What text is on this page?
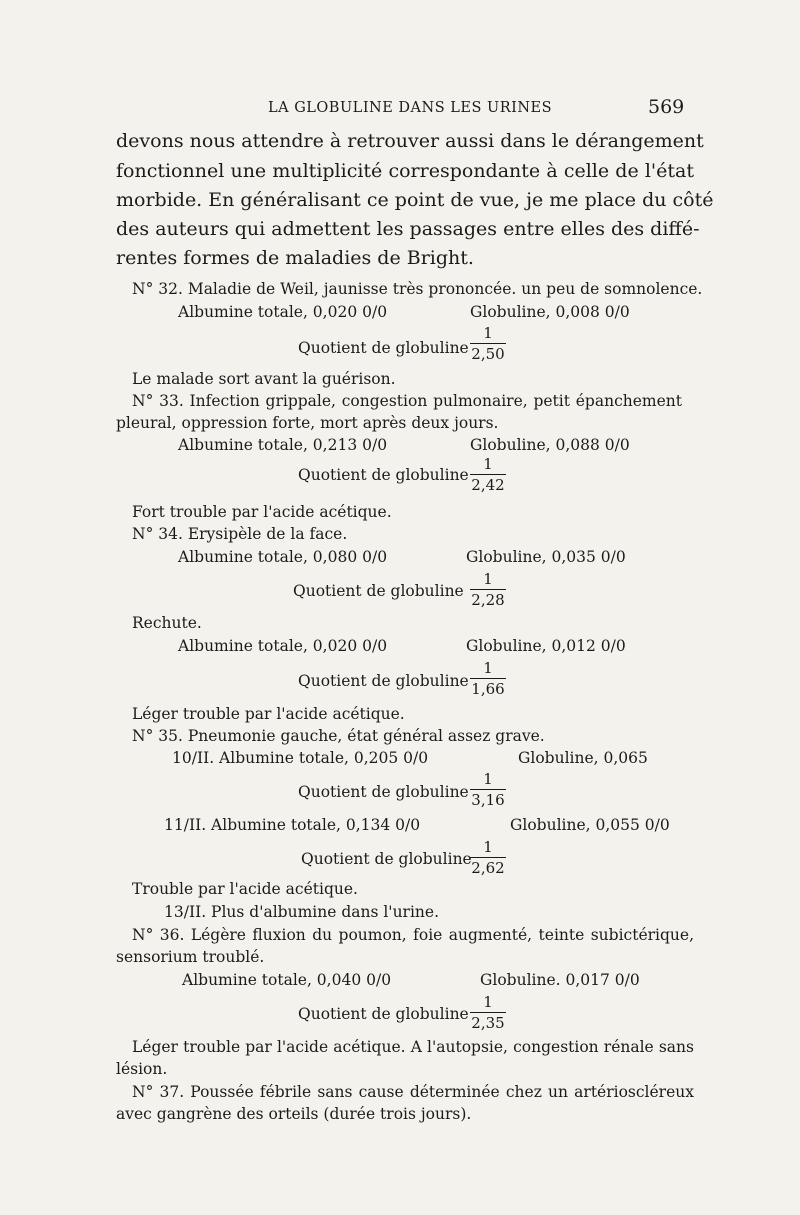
LA GLOBULINE DANS LES URINES	569
devons nous attendre à retrouver aussi dans le dérangement
fonctionnel une multiplicité correspondante à celle de l'état
morbide. En généralisant ce point de vue, je me place du côté
des auteurs qui admettent les passages entre elles des diffé-
rentes formes de maladies de Bright.
N° 32. Maladie de Weil, jaunisse très prononcée. un peu de somnolence.
Albumine totale, 0,020 0/0	Globuline, 0,008 0/0
Quotient de globuline
1
2,50
Le malade sort avant la guérison.
N° 33. Infection grippale, congestion pulmonaire, petit épanchement
pleural, oppression forte, mort après deux jours.
Albumine totale, 0,213 0/0	Globuline, 0,088 0/0
Quotient de globuline
1
2,42
Fort trouble par l'acide acétique.
N° 34. Erysipèle de la face.
Albumine totale, 0,080 0/0	Globuline, 0,035 0/0
Quotient de globuline
1
2,28
Rechute.
Albumine totale, 0,020 0/0	Globuline, 0,012 0/0
Quotient de globuline
1
1,66
Léger trouble par l'acide acétique.
N° 35. Pneumonie gauche, état général assez grave.
10/II. Albumine totale, 0,205 0/0	Globuline, 0,065
Quotient de globuline
1
3,16
11/II. Albumine totale, 0,134 0/0	Globuline, 0,055 0/0
Quotient de globuline
1
2,62
Trouble par l'acide acétique.
13/II. Plus d'albumine dans l'urine.
N° 36. Légère fluxion du poumon, foie augmenté, teinte subictérique,
sensorium troublé.
Albumine totale, 0,040 0/0	Globuline. 0,017 0/0
Quotient de globuline
1
2,35
Léger trouble par l'acide acétique. A l'autopsie, congestion rénale sans
lésion.
N° 37. Poussée fébrile sans cause déterminée chez un artérioscléreux
avec gangrène des orteils (durée trois jours).
